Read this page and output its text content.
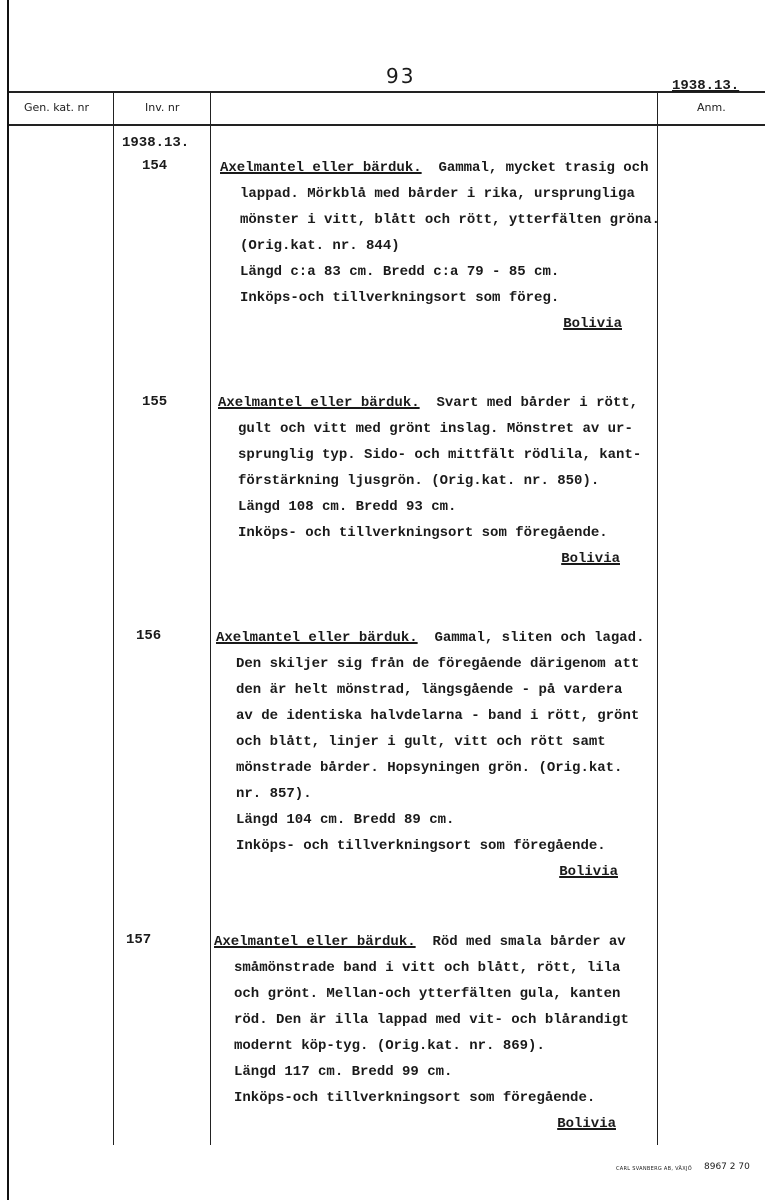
93	1938.13.
Gen. kat. nr	Inv. nr	Anm.
1938.13.
154	Axelmantel eller bärduk. Gammal, mycket trasig och
lappad. Mörkblå med bårder i rika, ursprungliga
mönster i vitt, blått och rött, ytterfälten gröna.
(Orig.kat. nr. 844)
Längd c:a 83 cm. Bredd c:a 79 - 85 cm.
Inköps-och tillverkningsort som föreg.
Bolivia
155	Axelmantel eller bärduk. Svart med bårder i rött,
gult och vitt med grönt inslag. Mönstret av ur-
sprunglig typ. Sido- och mittfält rödlila, kant-
förstärkning ljusgrön. (Orig.kat. nr. 850).
Längd 108 cm. Bredd 93 cm.
Inköps- och tillverkningsort som föregående.
Bolivia
156	Axelmantel eller bärduk. Gammal, sliten och lagad.
Den skiljer sig från de föregående därigenom att
den är helt mönstrad, längsgående - på vardera
av de identiska halvdelarna - band i rött, grönt
och blått, linjer i gult, vitt och rött samt
mönstrade bårder. Hopsyningen grön. (Orig.kat.
nr. 857).
Längd 104 cm. Bredd 89 cm.
Inköps- och tillverkningsort som föregående.
Bolivia
157	Axelmantel eller bärduk. Röd med smala bårder av
småmönstrade band i vitt och blått, rött, lila
och grönt. Mellan-och ytterfälten gula, kanten
röd. Den är illa lappad med vit- och blårandigt
modernt köp-tyg. (Orig.kat. nr. 869).
Längd 117 cm. Bredd 99 cm.
Inköps-och tillverkningsort som föregående.
Bolivia
CARL SVANBERG AB, VÄXJÖ 8967 2 70
